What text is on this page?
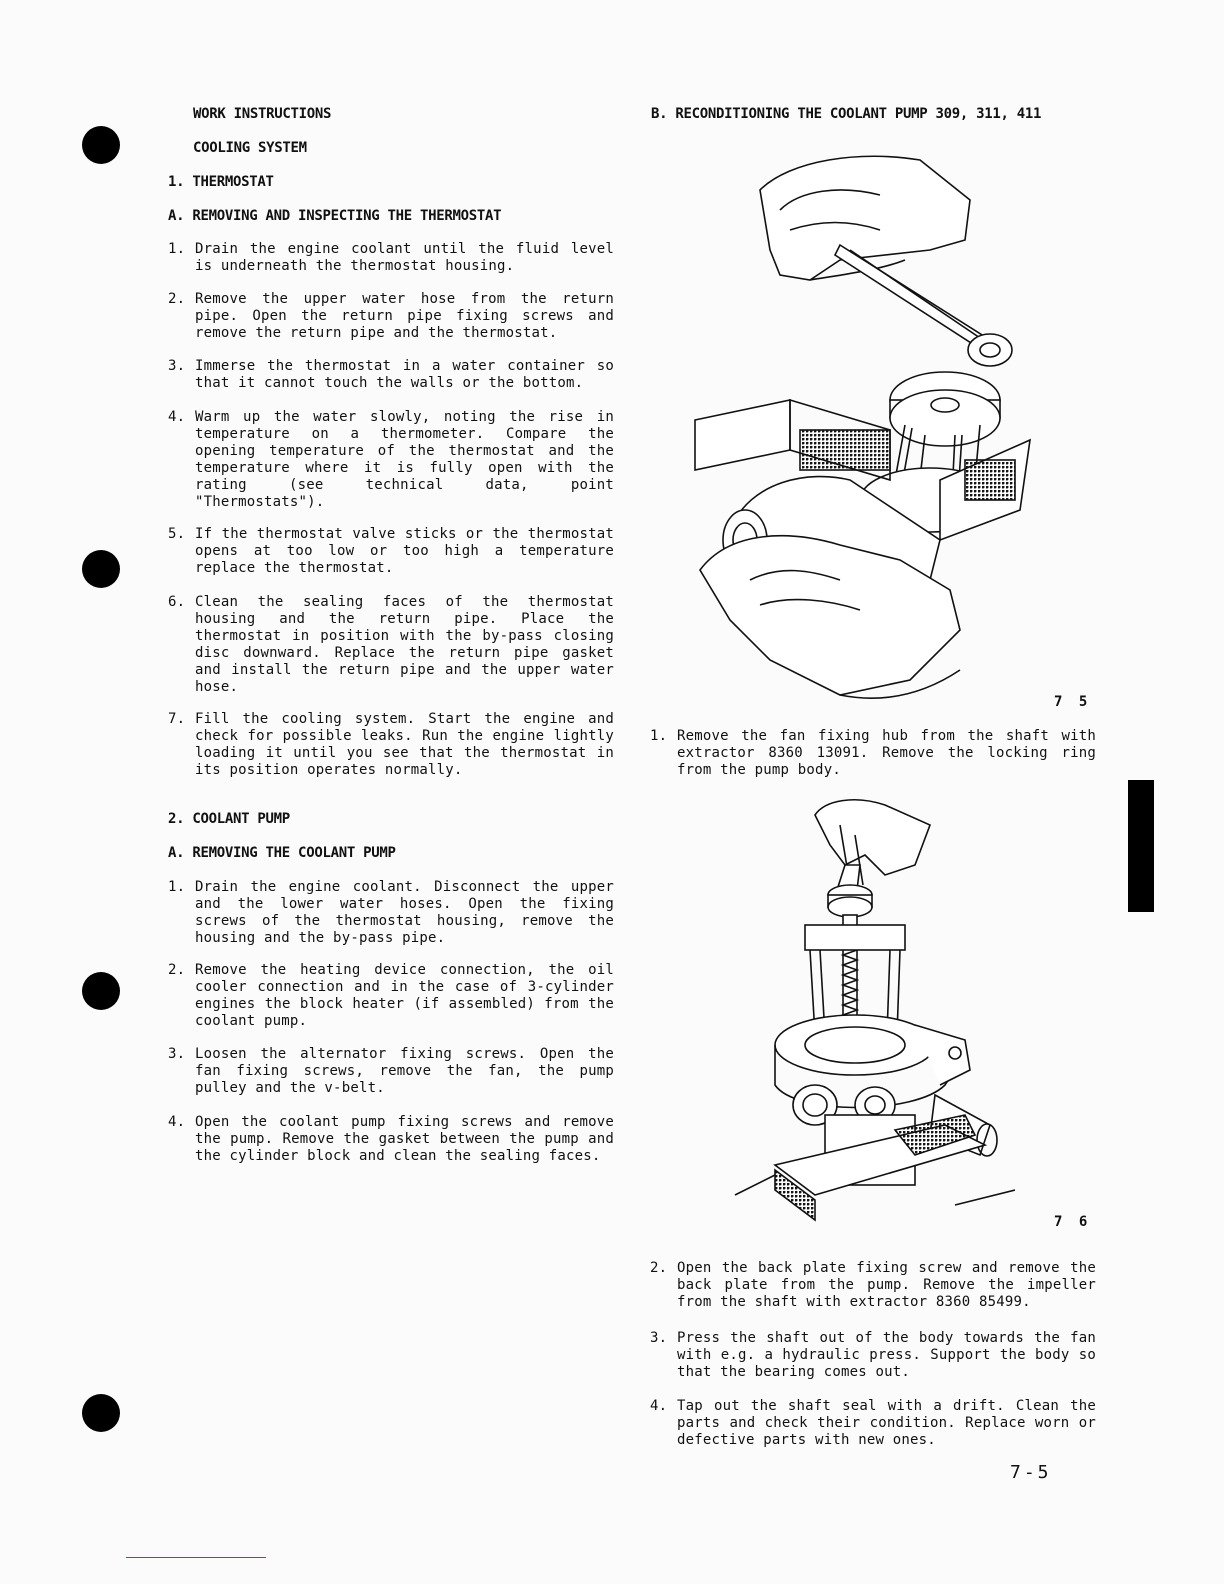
WORK INSTRUCTIONS
COOLING SYSTEM
1. THERMOSTAT
A. REMOVING AND INSPECTING THE THERMOSTAT
1. Drain the engine coolant until the fluid level is underneath the thermostat housing.
2. Remove the upper water hose from the return pipe. Open the return pipe fixing screws and remove the return pipe and the thermostat.
3. Immerse the thermostat in a water container so that it cannot touch the walls or the bottom.
4. Warm up the water slowly, noting the rise in temperature on a thermometer. Compare the opening temperature of the thermostat and the temperature where it is fully open with the rating (see technical data, point "Thermostats").
5. If the thermostat valve sticks or the thermostat opens at too low or too high a temperature replace the thermostat.
6. Clean the sealing faces of the thermostat housing and the return pipe. Place the thermostat in position with the by-pass closing disc downward. Replace the return pipe gasket and install the return pipe and the upper water hose.
7. Fill the cooling system. Start the engine and check for possible leaks. Run the engine lightly loading it until you see that the thermostat in its position operates normally.
2. COOLANT PUMP
A. REMOVING THE COOLANT PUMP
1. Drain the engine coolant. Disconnect the upper and the lower water hoses. Open the fixing screws of the thermostat housing, remove the housing and the by-pass pipe.
2. Remove the heating device connection, the oil cooler connection and in the case of 3-cylinder engines the block heater (if assembled) from the coolant pump.
3. Loosen the alternator fixing screws. Open the fan fixing screws, remove the fan, the pump pulley and the v-belt.
4. Open the coolant pump fixing screws and remove the pump. Remove the gasket between the pump and the cylinder block and clean the sealing faces.
B. RECONDITIONING THE COOLANT PUMP 309, 311, 411
7 5
1. Remove the fan fixing hub from the shaft with extractor 8360 13091. Remove the locking ring from the pump body.
7 6
2. Open the back plate fixing screw and remove the back plate from the pump. Remove the impeller from the shaft with extractor 8360 85499.
3. Press the shaft out of the body towards the fan with e.g. a hydraulic press. Support the body so that the bearing comes out.
4. Tap out the shaft seal with a drift. Clean the parts and check their condition. Replace worn or defective parts with new ones.
7-5
